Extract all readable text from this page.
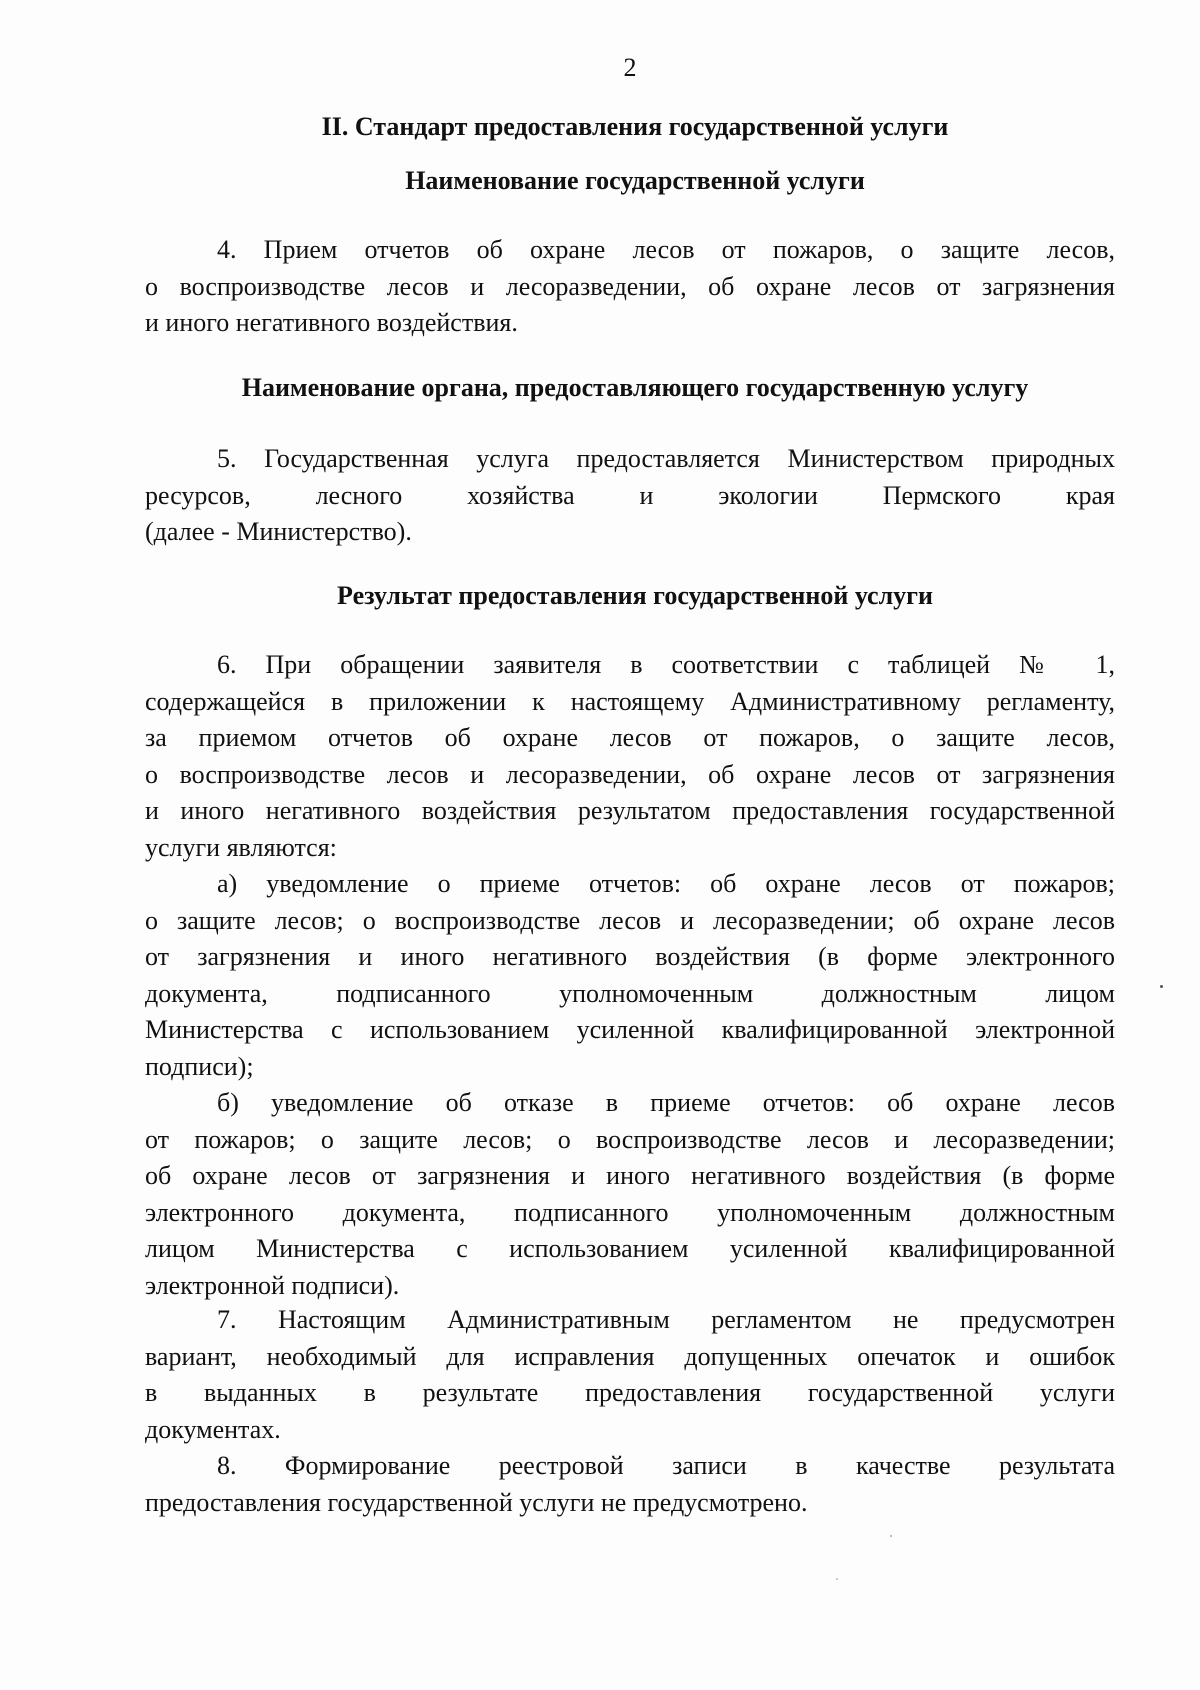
2
II. Стандарт предоставления государственной услуги
Наименование государственной услуги
4. Прием отчетов об охране лесов от пожаров, о защите лесов,
о воспроизводстве лесов и лесоразведении, об охране лесов от загрязнения
и иного негативного воздействия.
Наименование органа, предоставляющего государственную услугу
5. Государственная услуга предоставляется Министерством природных
ресурсов, лесного хозяйства и экологии Пермского края
(далее - Министерство).
Результат предоставления государственной услуги
6. При обращении заявителя в соответствии с таблицей № 1,
содержащейся в приложении к настоящему Административному регламенту,
за приемом отчетов об охране лесов от пожаров, о защите лесов,
о воспроизводстве лесов и лесоразведении, об охране лесов от загрязнения
и иного негативного воздействия результатом предоставления государственной
услуги являются:
а) уведомление о приеме отчетов: об охране лесов от пожаров;
о защите лесов; о воспроизводстве лесов и лесоразведении; об охране лесов
от загрязнения и иного негативного воздействия (в форме электронного
документа, подписанного уполномоченным должностным лицом
Министерства с использованием усиленной квалифицированной электронной
подписи);
б) уведомление об отказе в приеме отчетов: об охране лесов
от пожаров; о защите лесов; о воспроизводстве лесов и лесоразведении;
об охране лесов от загрязнения и иного негативного воздействия (в форме
электронного документа, подписанного уполномоченным должностным
лицом Министерства с использованием усиленной квалифицированной
электронной подписи).
7. Настоящим Административным регламентом не предусмотрен
вариант, необходимый для исправления допущенных опечаток и ошибок
в выданных в результате предоставления государственной услуги
документах.
8. Формирование реестровой записи в качестве результата
предоставления государственной услуги не предусмотрено.
